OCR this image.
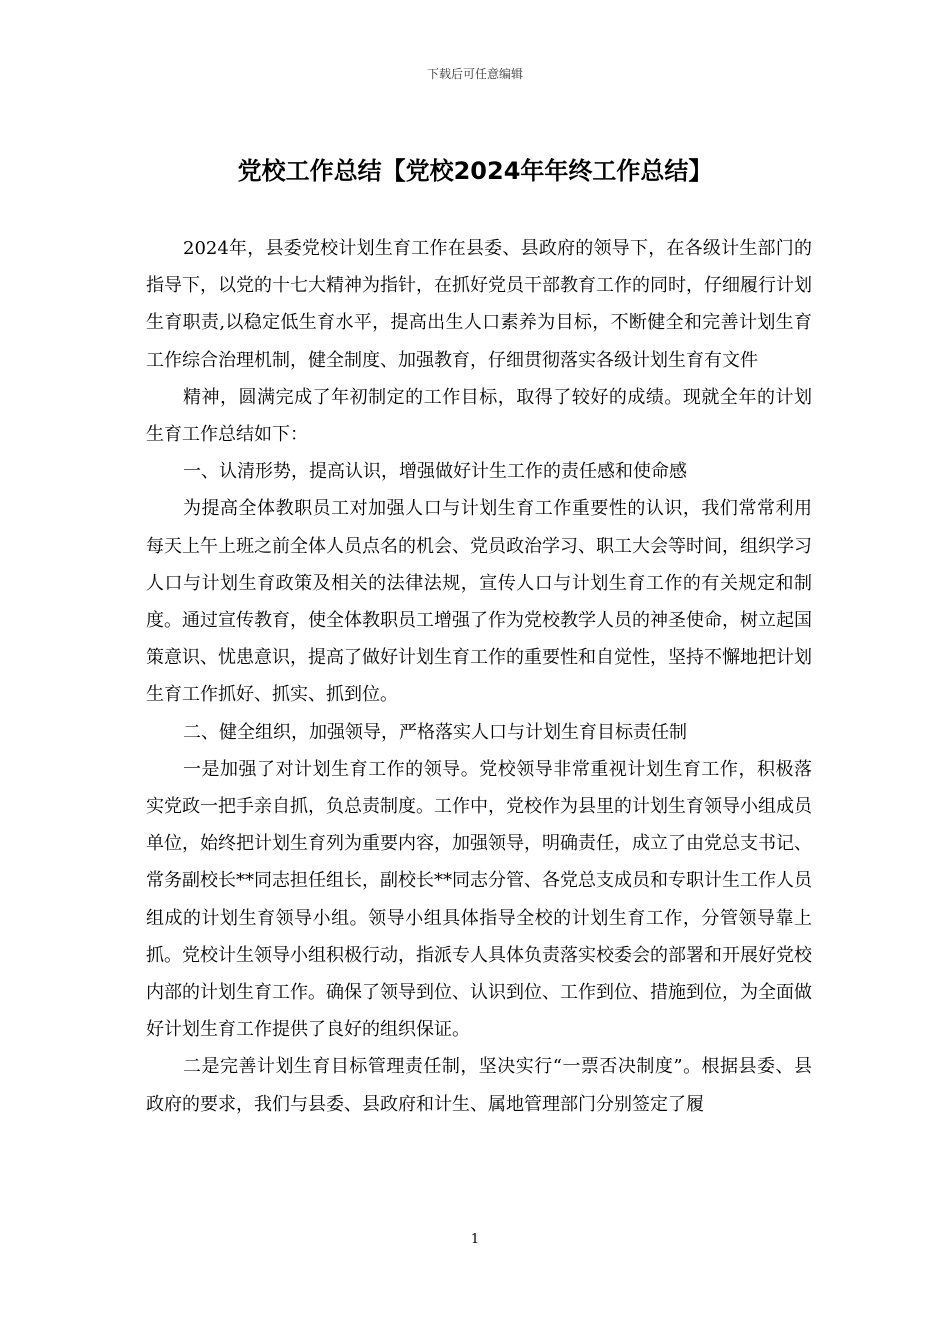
下载后可任意编辑
党校工作总结【党校2024年年终工作总结】

2024年，县委党校计划生育工作在县委、县政府的领导下，在各级计生部门的指导下，以党的十七大精神为指针，在抓好党员干部教育工作的同时，仔细履行计划生育职责,以稳定低生育水平，提高出生人口素养为目标，不断健全和完善计划生育工作综合治理机制，健全制度、加强教育，仔细贯彻落实各级计划生育有文件

精神，圆满完成了年初制定的工作目标，取得了较好的成绩。现就全年的计划生育工作总结如下：

一、认清形势，提高认识，增强做好计生工作的责任感和使命感

为提高全体教职员工对加强人口与计划生育工作重要性的认识，我们常常利用每天上午上班之前全体人员点名的机会、党员政治学习、职工大会等时间，组织学习人口与计划生育政策及相关的法律法规，宣传人口与计划生育工作的有关规定和制度。通过宣传教育，使全体教职员工增强了作为党校教学人员的神圣使命，树立起国策意识、忧患意识，提高了做好计划生育工作的重要性和自觉性，坚持不懈地把计划生育工作抓好、抓实、抓到位。

二、健全组织，加强领导，严格落实人口与计划生育目标责任制

一是加强了对计划生育工作的领导。党校领导非常重视计划生育工作，积极落实党政一把手亲自抓，负总责制度。工作中，党校作为县里的计划生育领导小组成员单位，始终把计划生育列为重要内容，加强领导，明确责任，成立了由党总支书记、常务副校长**同志担任组长，副校长**同志分管、各党总支成员和专职计生工作人员组成的计划生育领导小组。领导小组具体指导全校的计划生育工作，分管领导靠上抓。党校计生领导小组积极行动，指派专人具体负责落实校委会的部署和开展好党校内部的计划生育工作。确保了领导到位、认识到位、工作到位、措施到位，为全面做好计划生育工作提供了良好的组织保证。

二是完善计划生育目标管理责任制，坚决实行“一票否决制度”。根据县委、县政府的要求，我们与县委、县政府和计生、属地管理部门分别签定了履

1
